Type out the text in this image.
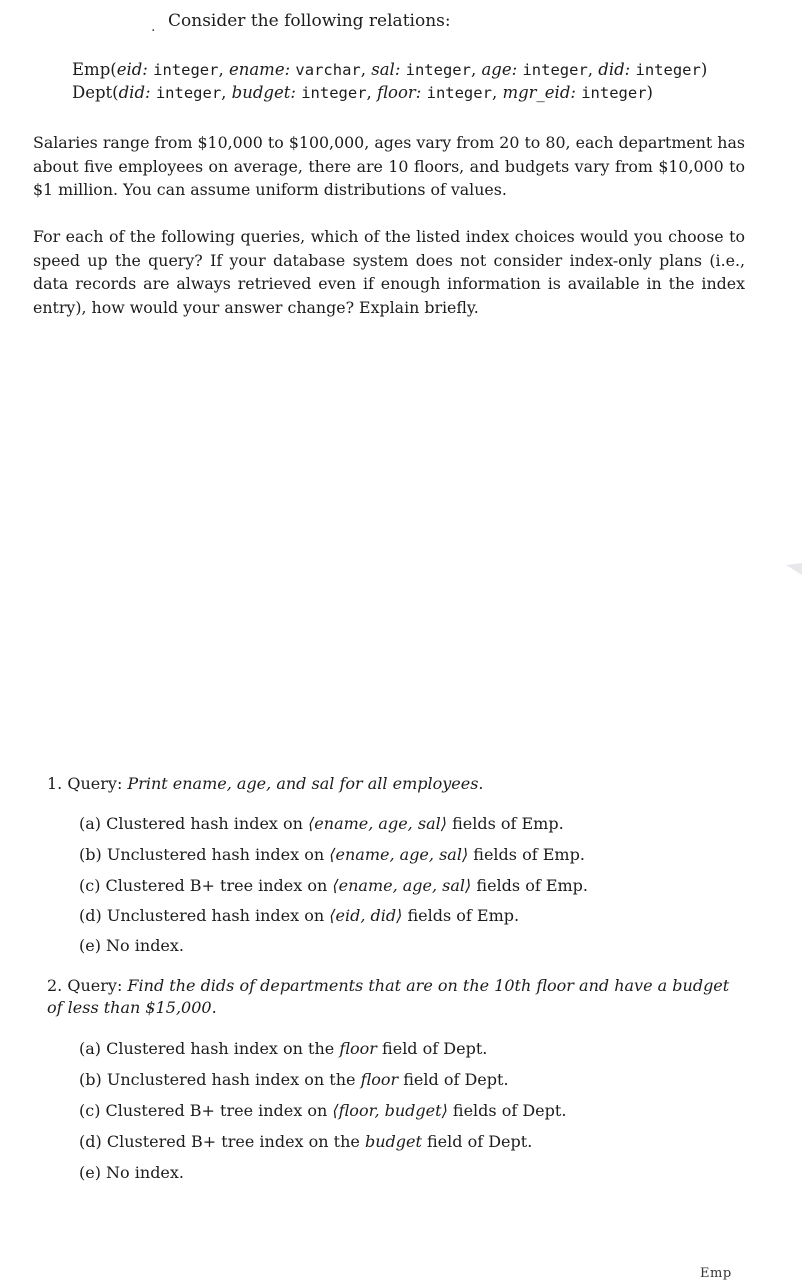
. Consider the following relations:
Emp(eid: integer, ename: varchar, sal: integer, age: integer, did: integer)
Dept(did: integer, budget: integer, floor: integer, mgr_eid: integer)

Salaries range from $10,000 to $100,000, ages vary from 20 to 80, each department has about five employees on average, there are 10 floors, and budgets vary from $10,000 to $1 million. You can assume uniform distributions of values.

For each of the following queries, which of the listed index choices would you choose to speed up the query? If your database system does not consider index-only plans (i.e., data records are always retrieved even if enough information is available in the index entry), how would your answer change? Explain briefly.

1. Query: Print ename, age, and sal for all employees.
(a) Clustered hash index on ⟨ename, age, sal⟩ fields of Emp.
(b) Unclustered hash index on ⟨ename, age, sal⟩ fields of Emp.
(c) Clustered B+ tree index on ⟨ename, age, sal⟩ fields of Emp.
(d) Unclustered hash index on ⟨eid, did⟩ fields of Emp.
(e) No index.
2. Query: Find the dids of departments that are on the 10th floor and have a budget of less than $15,000.
(a) Clustered hash index on the floor field of Dept.
(b) Unclustered hash index on the floor field of Dept.
(c) Clustered B+ tree index on ⟨floor, budget⟩ fields of Dept.
(d) Clustered B+ tree index on the budget field of Dept.
(e) No index.
Emp
